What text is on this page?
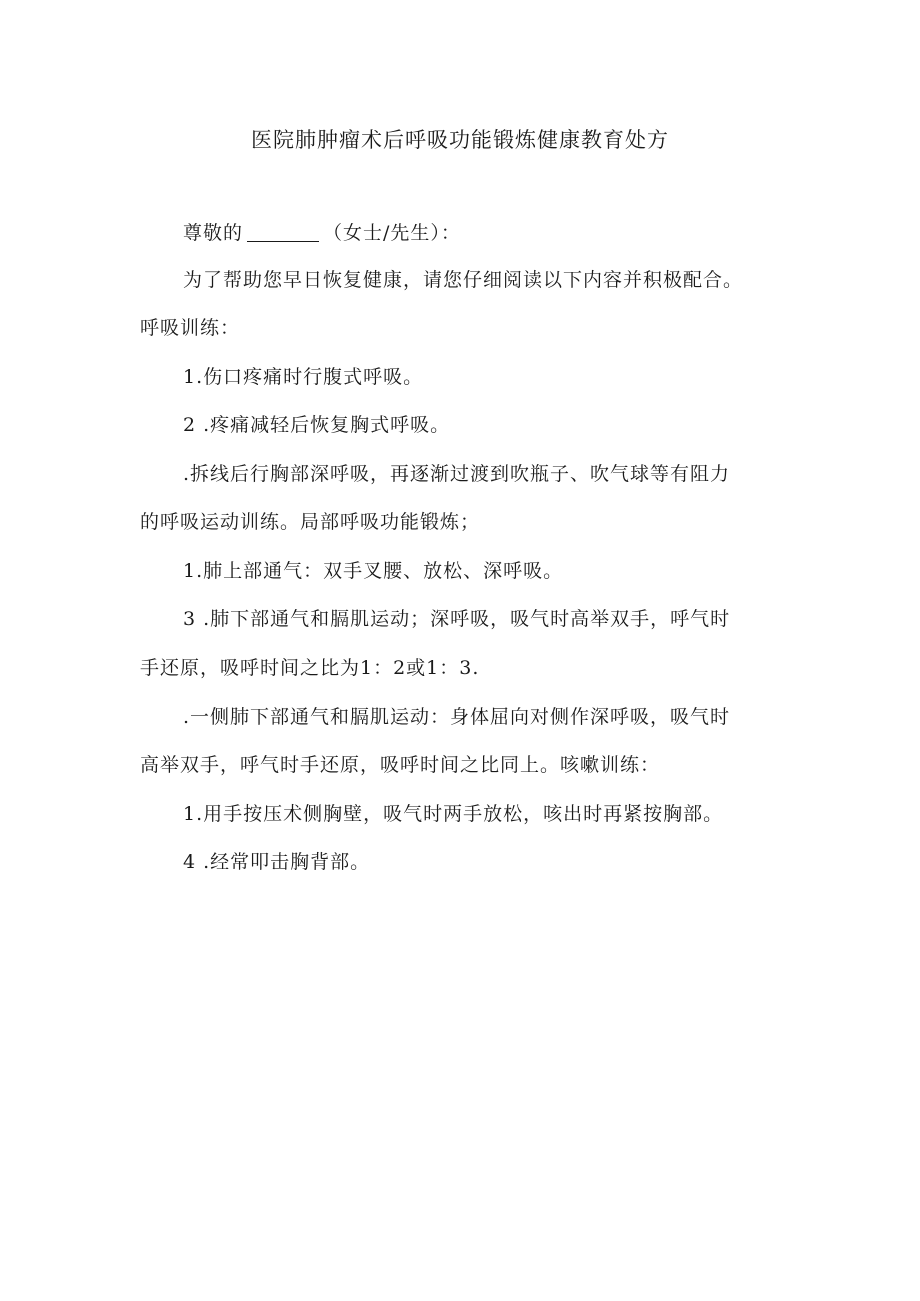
医院肺肿瘤术后呼吸功能锻炼健康教育处方
尊敬的	（女士/先生）：
为了帮助您早日恢复健康，请您仔细阅读以下内容并积极配合。
呼吸训练：
1.伤口疼痛时行腹式呼吸。
2 .疼痛减轻后恢复胸式呼吸。
.拆线后行胸部深呼吸，再逐渐过渡到吹瓶子、吹气球等有阻力
的呼吸运动训练。局部呼吸功能锻炼；
1.肺上部通气：双手叉腰、放松、深呼吸。
3 .肺下部通气和膈肌运动；深呼吸，吸气时高举双手，呼气时
手还原，吸呼时间之比为1：2或1：3.
.一侧肺下部通气和膈肌运动：身体屈向对侧作深呼吸，吸气时
高举双手，呼气时手还原，吸呼时间之比同上。咳嗽训练：
1.用手按压术侧胸壁，吸气时两手放松，咳出时再紧按胸部。
4 .经常叩击胸背部。
